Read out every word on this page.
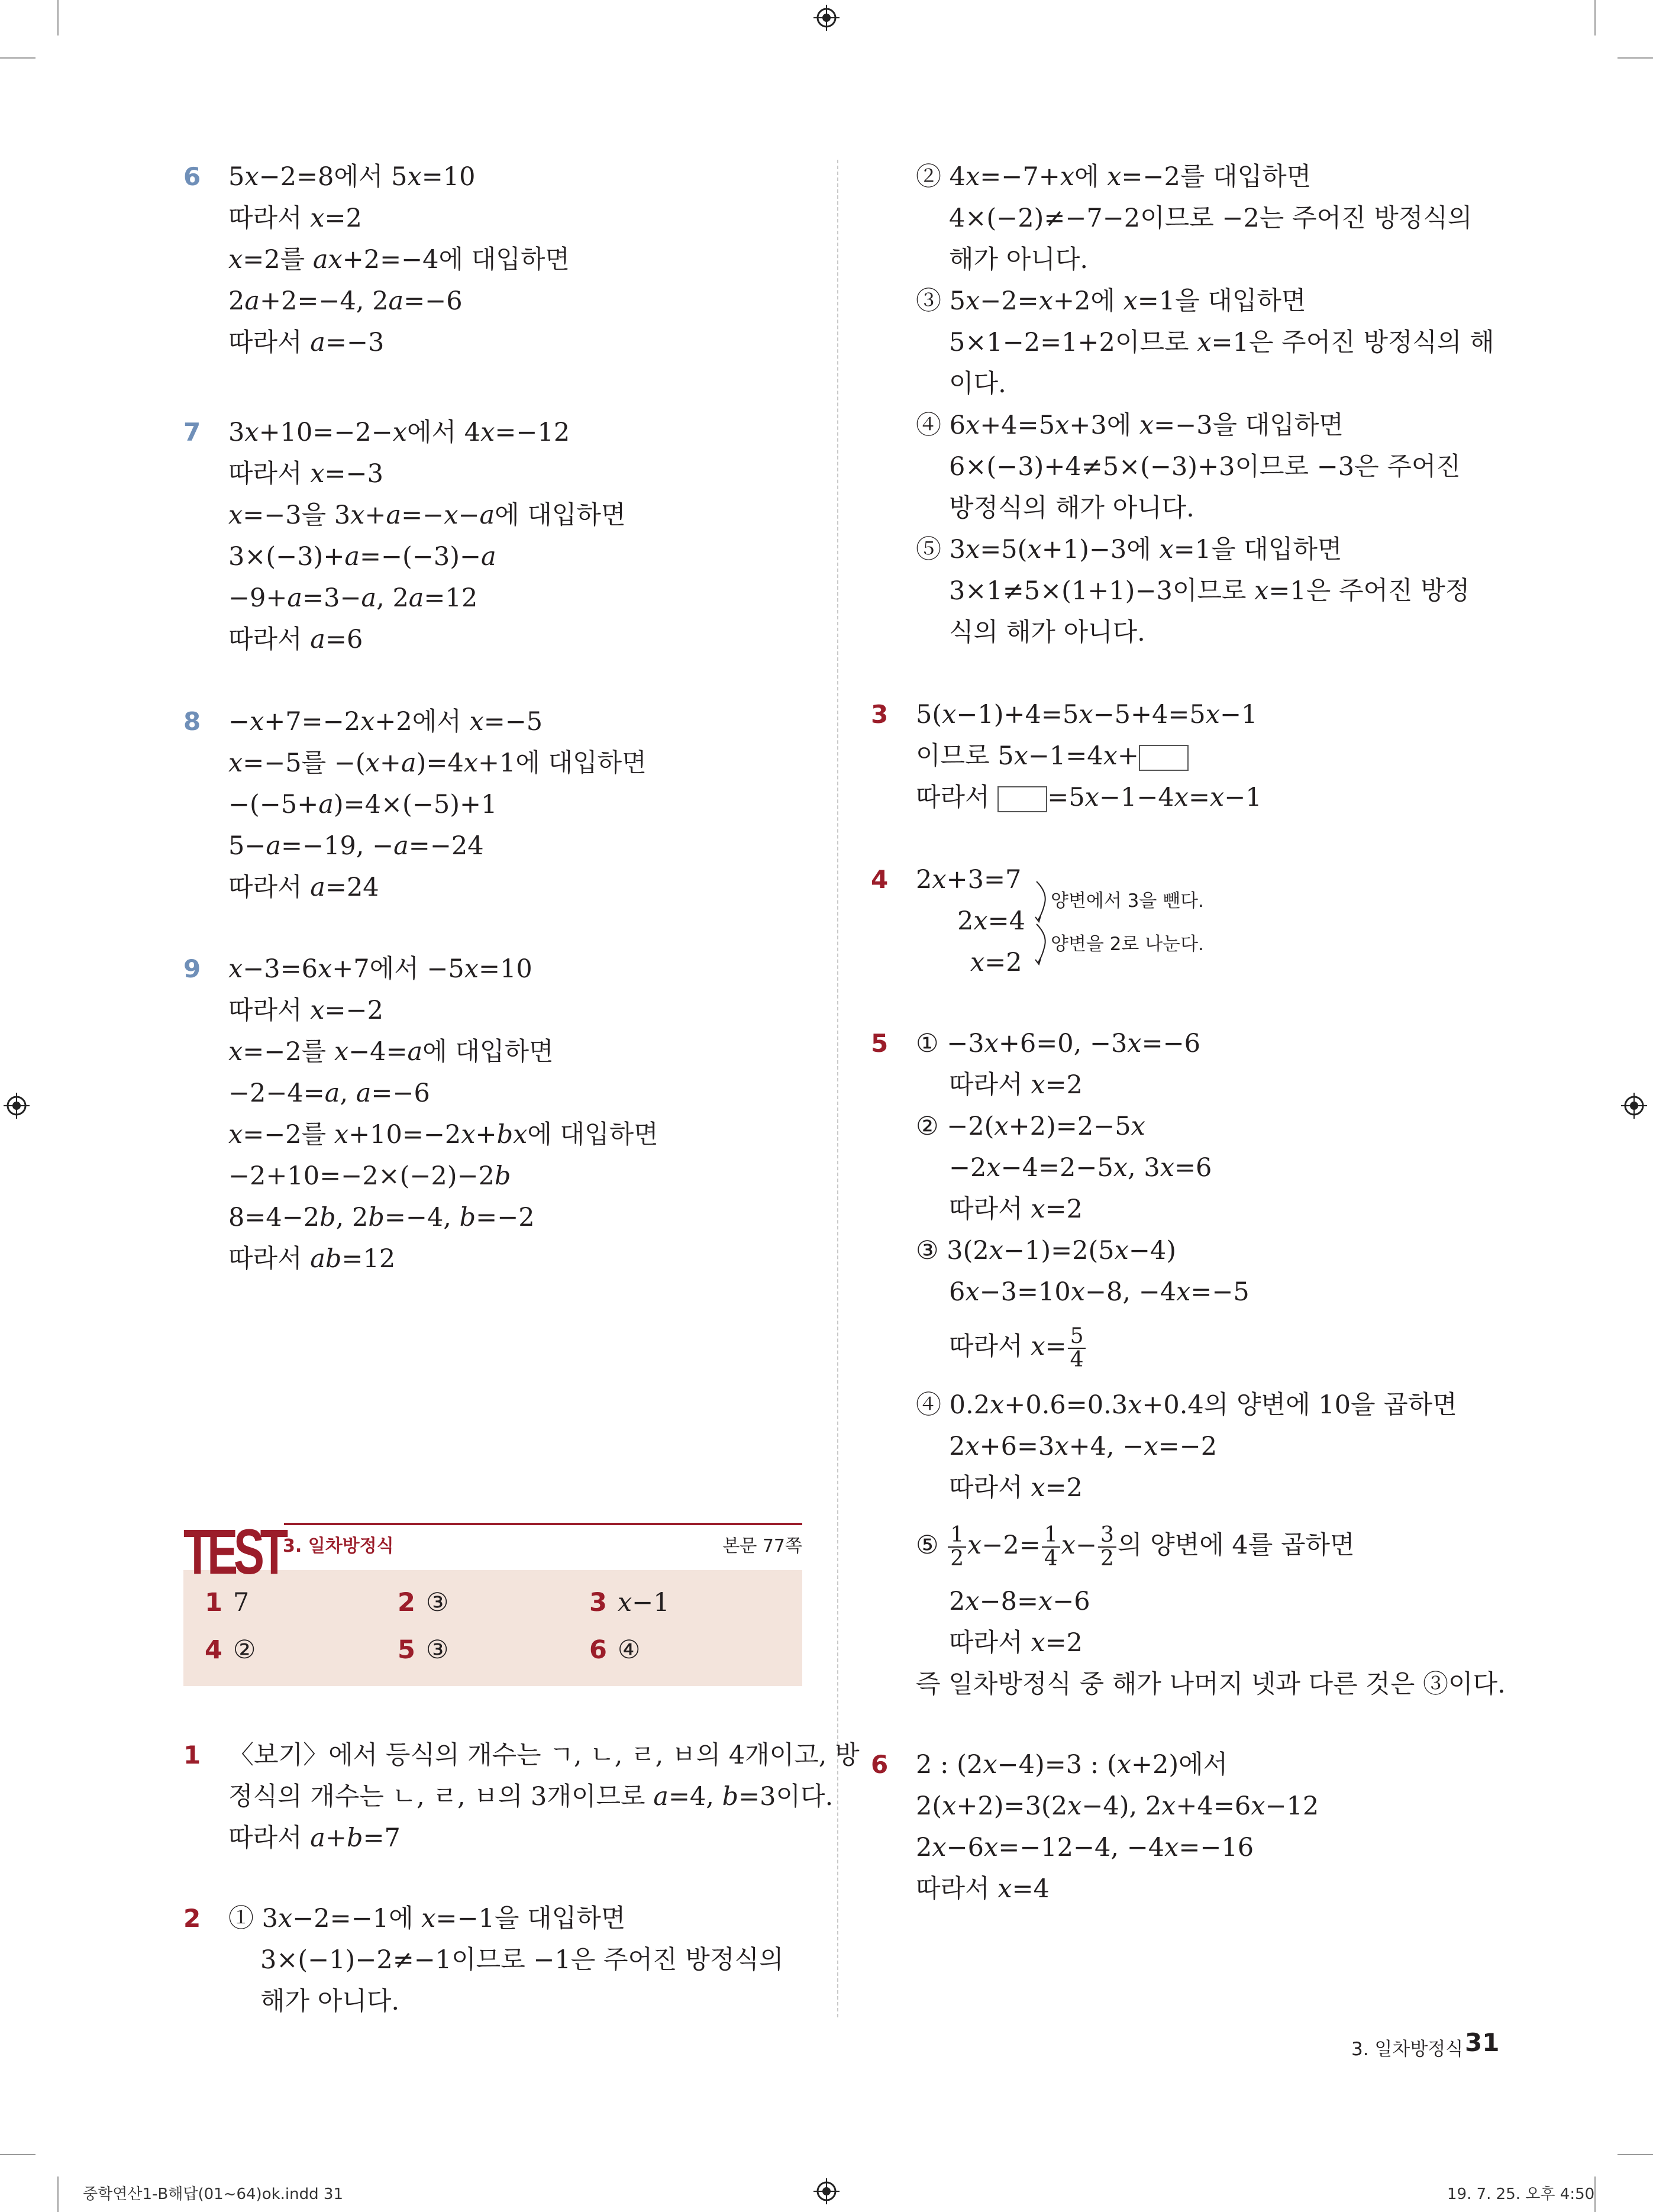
6 5𝑥−2=8에서 5𝑥=10
따라서 𝑥=2
𝑥=2를 𝑎𝑥+2=−4에 대입하면
2𝑎+2=−4, 2𝑎=−6
따라서 𝑎=−3
7 3𝑥+10=−2−𝑥에서 4𝑥=−12
따라서 𝑥=−3
𝑥=−3을 3𝑥+𝑎=−𝑥−𝑎에 대입하면
3×(−3)+𝑎=−(−3)−𝑎
−9+𝑎=3−𝑎, 2𝑎=12
따라서 𝑎=6
8 −𝑥+7=−2𝑥+2에서 𝑥=−5
𝑥=−5를 −(𝑥+𝑎)=4𝑥+1에 대입하면
−(−5+𝑎)=4×(−5)+1
5−𝑎=−19, −𝑎=−24
따라서 𝑎=24
9 𝑥−3=6𝑥+7에서 −5𝑥=10
따라서 𝑥=−2
𝑥=−2를 𝑥−4=𝑎에 대입하면
−2−4=𝑎, 𝑎=−6
𝑥=−2를 𝑥+10=−2𝑥+𝑏𝑥에 대입하면
−2+10=−2×(−2)−2𝑏
8=4−2𝑏, 2𝑏=−4, 𝑏=−2
따라서 𝑎𝑏=12
TEST
3. 일차방정식	본문 77쪽
1 7	2 ③	3 𝑥−1
4 ②	5 ③	6 ④
1 〈보기〉에서 등식의 개수는 ㄱ, ㄴ, ㄹ, ㅂ의 4개이고, 방
정식의 개수는 ㄴ, ㄹ, ㅂ의 3개이므로 𝑎=4, 𝑏=3이다.
따라서 𝑎+𝑏=7
2 ① 3𝑥−2=−1에 𝑥=−1을 대입하면
3×(−1)−2≠−1이므로 −1은 주어진 방정식의
해가 아니다.
② 4𝑥=−7+𝑥에 𝑥=−2를 대입하면
4×(−2)≠−7−2이므로 −2는 주어진 방정식의
해가 아니다.
③ 5𝑥−2=𝑥+2에 𝑥=1을 대입하면
5×1−2=1+2이므로 𝑥=1은 주어진 방정식의 해
이다.
④ 6𝑥+4=5𝑥+3에 𝑥=−3을 대입하면
6×(−3)+4≠5×(−3)+3이므로 −3은 주어진
방정식의 해가 아니다.
⑤ 3𝑥=5(𝑥+1)−3에 𝑥=1을 대입하면
3×1≠5×(1+1)−3이므로 𝑥=1은 주어진 방정
식의 해가 아니다.
3 5(𝑥−1)+4=5𝑥−5+4=5𝑥−1
이므로 5𝑥−1=4𝑥+
따라서 =5𝑥−1−4𝑥=𝑥−1
4 2𝑥+3=7
2𝑥=4
𝑥=2
양변에서 3을 뺀다.
양변을 2로 나눈다.
5 ① −3𝑥+6=0, −3𝑥=−6
따라서 𝑥=2
② −2(𝑥+2)=2−5𝑥
−2𝑥−4=2−5𝑥, 3𝑥=6
따라서 𝑥=2
③ 3(2𝑥−1)=2(5𝑥−4)
6𝑥−3=10𝑥−8, −4𝑥=−5
따라서 𝑥= $\frac{5}{4}$
④ 0.2𝑥+0.6=0.3𝑥+0.4의 양변에 10을 곱하면
2𝑥+6=3𝑥+4, −𝑥=−2
따라서 𝑥=2
⑤ $\frac{1}{2}$ 𝑥−2= $\frac{1}{4}$ 𝑥− $\frac{3}{2}$ 의 양변에 4를 곱하면
2𝑥−8=𝑥−6
따라서 𝑥=2
즉 일차방정식 중 해가 나머지 넷과 다른 것은 ③이다.
6 2 : (2𝑥−4)=3 : (𝑥+2)에서
2(𝑥+2)=3(2𝑥−4), 2𝑥+4=6𝑥−12
2𝑥−6𝑥=−12−4, −4𝑥=−16
따라서 𝑥=4
3. 일차방정식 31
중학연산1-B해답(01~64)ok.indd 31	19. 7. 25. 오후 4:50
